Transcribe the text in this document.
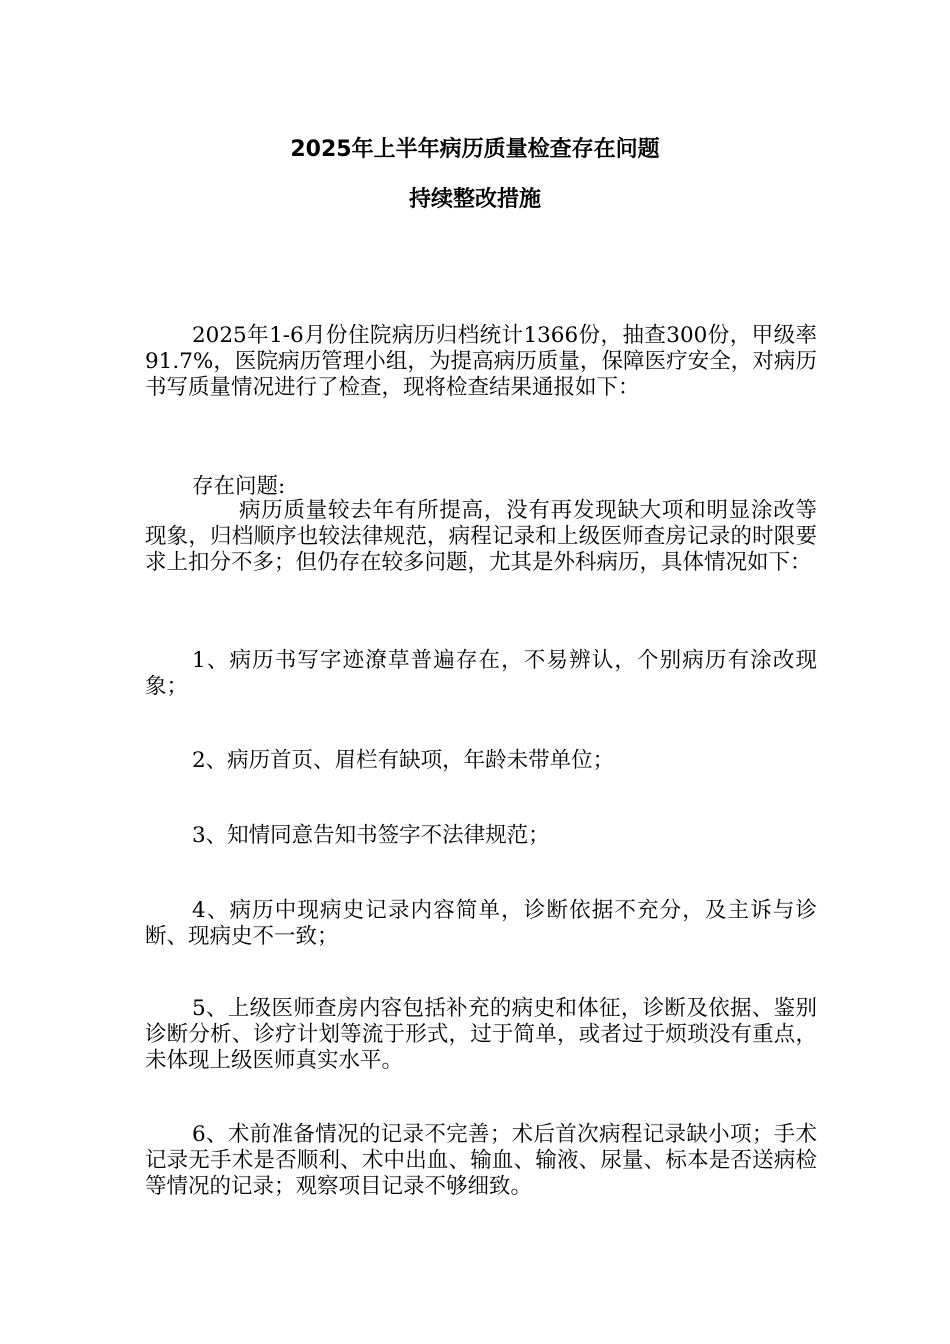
2025年上半年病历质量检查存在问题
持续整改措施
2025年1-6月份住院病历归档统计1366份，抽查300份，甲级率91.7%，医院病历管理小组，为提高病历质量，保障医疗安全，对病历书写质量情况进行了检查，现将检查结果通报如下：
存在问题:
病历质量较去年有所提高，没有再发现缺大项和明显涂改等现象，归档顺序也较法律规范，病程记录和上级医师查房记录的时限要求上扣分不多；但仍存在较多问题，尤其是外科病历，具体情况如下：
1、病历书写字迹潦草普遍存在，不易辨认，个别病历有涂改现象；
2、病历首页、眉栏有缺项，年龄未带单位；
3、知情同意告知书签字不法律规范；
4、病历中现病史记录内容简单，诊断依据不充分，及主诉与诊断、现病史不一致；
5、上级医师查房内容包括补充的病史和体征，诊断及依据、鉴别诊断分析、诊疗计划等流于形式，过于简单，或者过于烦琐没有重点，未体现上级医师真实水平。
6、术前准备情况的记录不完善；术后首次病程记录缺小项；手术记录无手术是否顺利、术中出血、输血、输液、尿量、标本是否送病检等情况的记录；观察项目记录不够细致。
